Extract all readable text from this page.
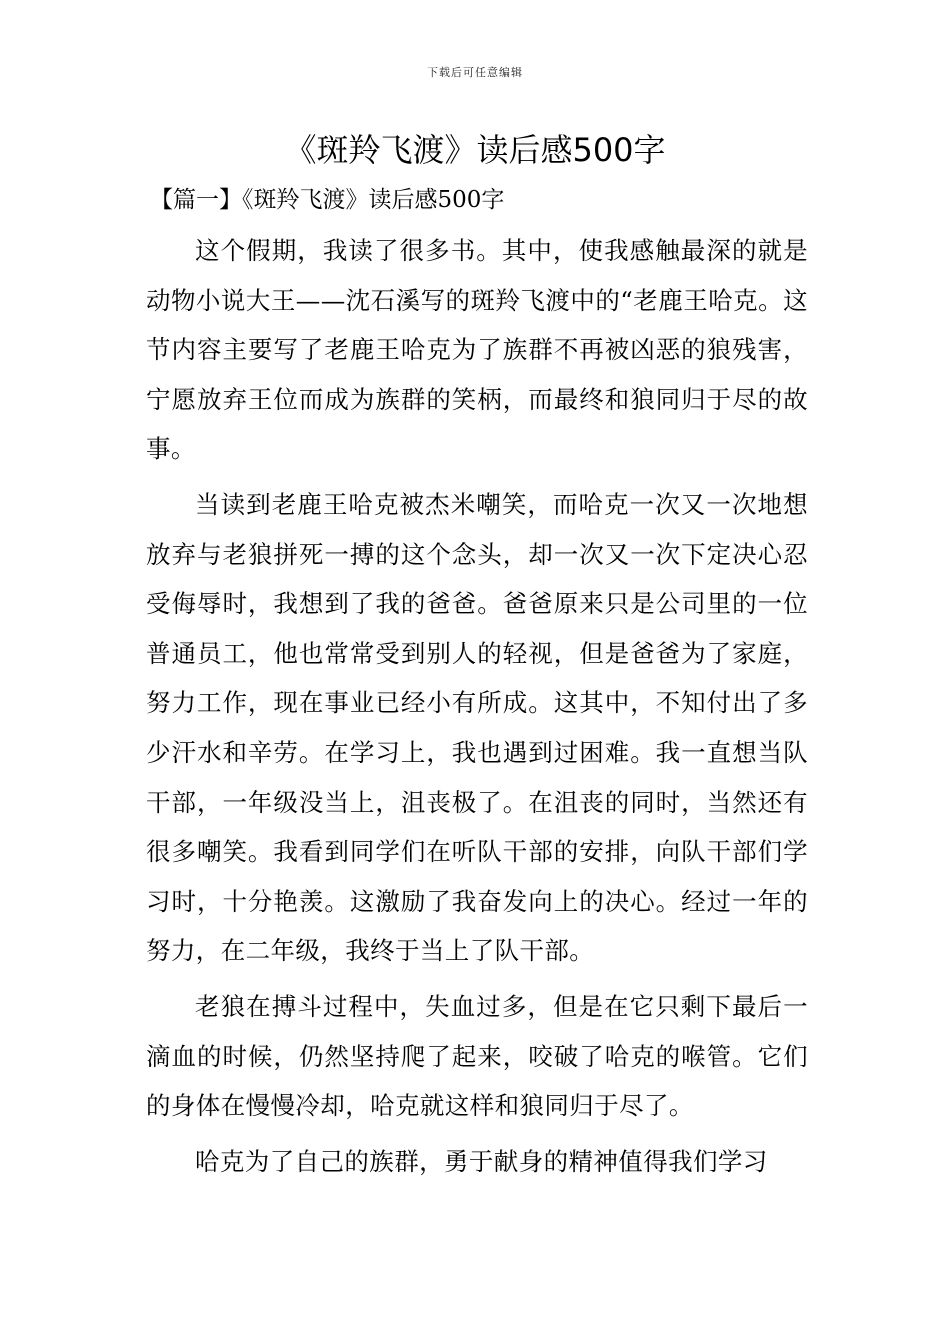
下载后可任意编辑
《斑羚飞渡》读后感500字
【篇一】《斑羚飞渡》读后感500字

这个假期，我读了很多书。其中，使我感触最深的就是动物小说大王——沈石溪写的斑羚飞渡中的“老鹿王哈克。这节内容主要写了老鹿王哈克为了族群不再被凶恶的狼残害，宁愿放弃王位而成为族群的笑柄，而最终和狼同归于尽的故事。

当读到老鹿王哈克被杰米嘲笑，而哈克一次又一次地想放弃与老狼拼死一搏的这个念头，却一次又一次下定决心忍受侮辱时，我想到了我的爸爸。爸爸原来只是公司里的一位普通员工，他也常常受到别人的轻视，但是爸爸为了家庭，努力工作，现在事业已经小有所成。这其中，不知付出了多少汗水和辛劳。在学习上，我也遇到过困难。我一直想当队干部，一年级没当上，沮丧极了。在沮丧的同时，当然还有很多嘲笑。我看到同学们在听队干部的安排，向队干部们学习时，十分艳羡。这激励了我奋发向上的决心。经过一年的努力，在二年级，我终于当上了队干部。

老狼在搏斗过程中，失血过多，但是在它只剩下最后一滴血的时候，仍然坚持爬了起来，咬破了哈克的喉管。它们的身体在慢慢冷却，哈克就这样和狼同归于尽了。

哈克为了自己的族群，勇于献身的精神值得我们学习
